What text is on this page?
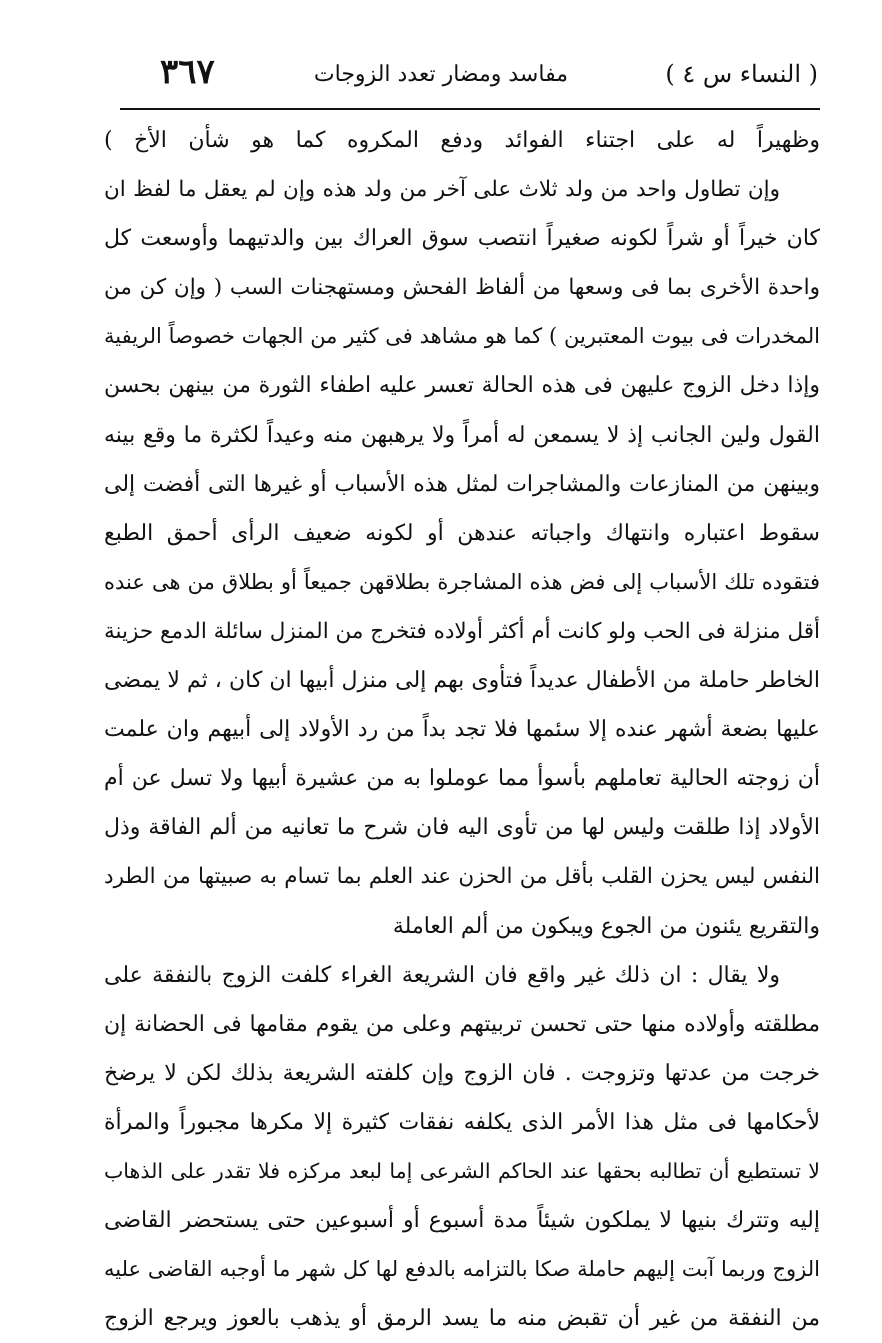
( النساء س ٤ )
مفاسد ومضار تعدد الزوجات
٣٦٧
وظهيراً له على اجتناء الفوائد ودفع المكروه كما هو شأن الأخ )
وإن تطاول واحد من ولد ثلاث على آخر من ولد هذه وإن لم يعقل ما لفظ ان
كان خيراً أو شراً لكونه صغيراً انتصب سوق العراك بين والدتيهما وأوسعت كل
واحدة الأخرى بما فى وسعها من ألفاظ الفحش ومستهجنات السب ( وإن كن من
المخدرات فى بيوت المعتبرين ) كما هو مشاهد فى كثير من الجهات خصوصاً الريفية
وإذا دخل الزوج عليهن فى هذه الحالة تعسر عليه اطفاء الثورة من بينهن بحسن
القول ولين الجانب إذ لا يسمعن له أمراً ولا يرهبهن منه وعيداً لكثرة ما وقع بينه
وبينهن من المنازعات والمشاجرات لمثل هذه الأسباب أو غيرها التى أفضت إلى
سقوط اعتباره وانتهاك واجباته عندهن أو لكونه ضعيف الرأى أحمق الطبع
فتقوده تلك الأسباب إلى فض هذه المشاجرة بطلاقهن جميعاً أو بطلاق من هى عنده
أقل منزلة فى الحب ولو كانت أم أكثر أولاده فتخرج من المنزل سائلة الدمع حزينة
الخاطر حاملة من الأطفال عديداً فتأوى بهم إلى منزل أبيها ان كان ، ثم لا يمضى
عليها بضعة أشهر عنده إلا سئمها فلا تجد بداً من رد الأولاد إلى أبيهم وان علمت
أن زوجته الحالية تعاملهم بأسوأ مما عوملوا به من عشيرة أبيها ولا تسل عن أم
الأولاد إذا طلقت وليس لها من تأوى اليه فان شرح ما تعانيه من ألم الفاقة وذل
النفس ليس يحزن القلب بأقل من الحزن عند العلم بما تسام به صبيتها من الطرد
والتقريع يئنون من الجوع ويبكون من ألم العاملة
ولا يقال : ان ذلك غير واقع فان الشريعة الغراء كلفت الزوج بالنفقة على
مطلقته وأولاده منها حتى تحسن تربيتهم وعلى من يقوم مقامها فى الحضانة إن
خرجت من عدتها وتزوجت . فان الزوج وإن كلفته الشريعة بذلك لكن لا يرضخ
لأحكامها فى مثل هذا الأمر الذى يكلفه نفقات كثيرة إلا مكرها مجبوراً والمرأة
لا تستطيع أن تطالبه بحقها عند الحاكم الشرعى إما لبعد مركزه فلا تقدر على الذهاب
إليه وتترك بنيها لا يملكون شيئاً مدة أسبوع أو أسبوعين حتى يستحضر القاضى
الزوج وربما آبت إليهم حاملة صكا بالتزامه بالدفع لها كل شهر ما أوجبه القاضى عليه
من النفقة من غير أن تقبض منه ما يسد الرمق أو يذهب بالعوز ويرجع الزوج
